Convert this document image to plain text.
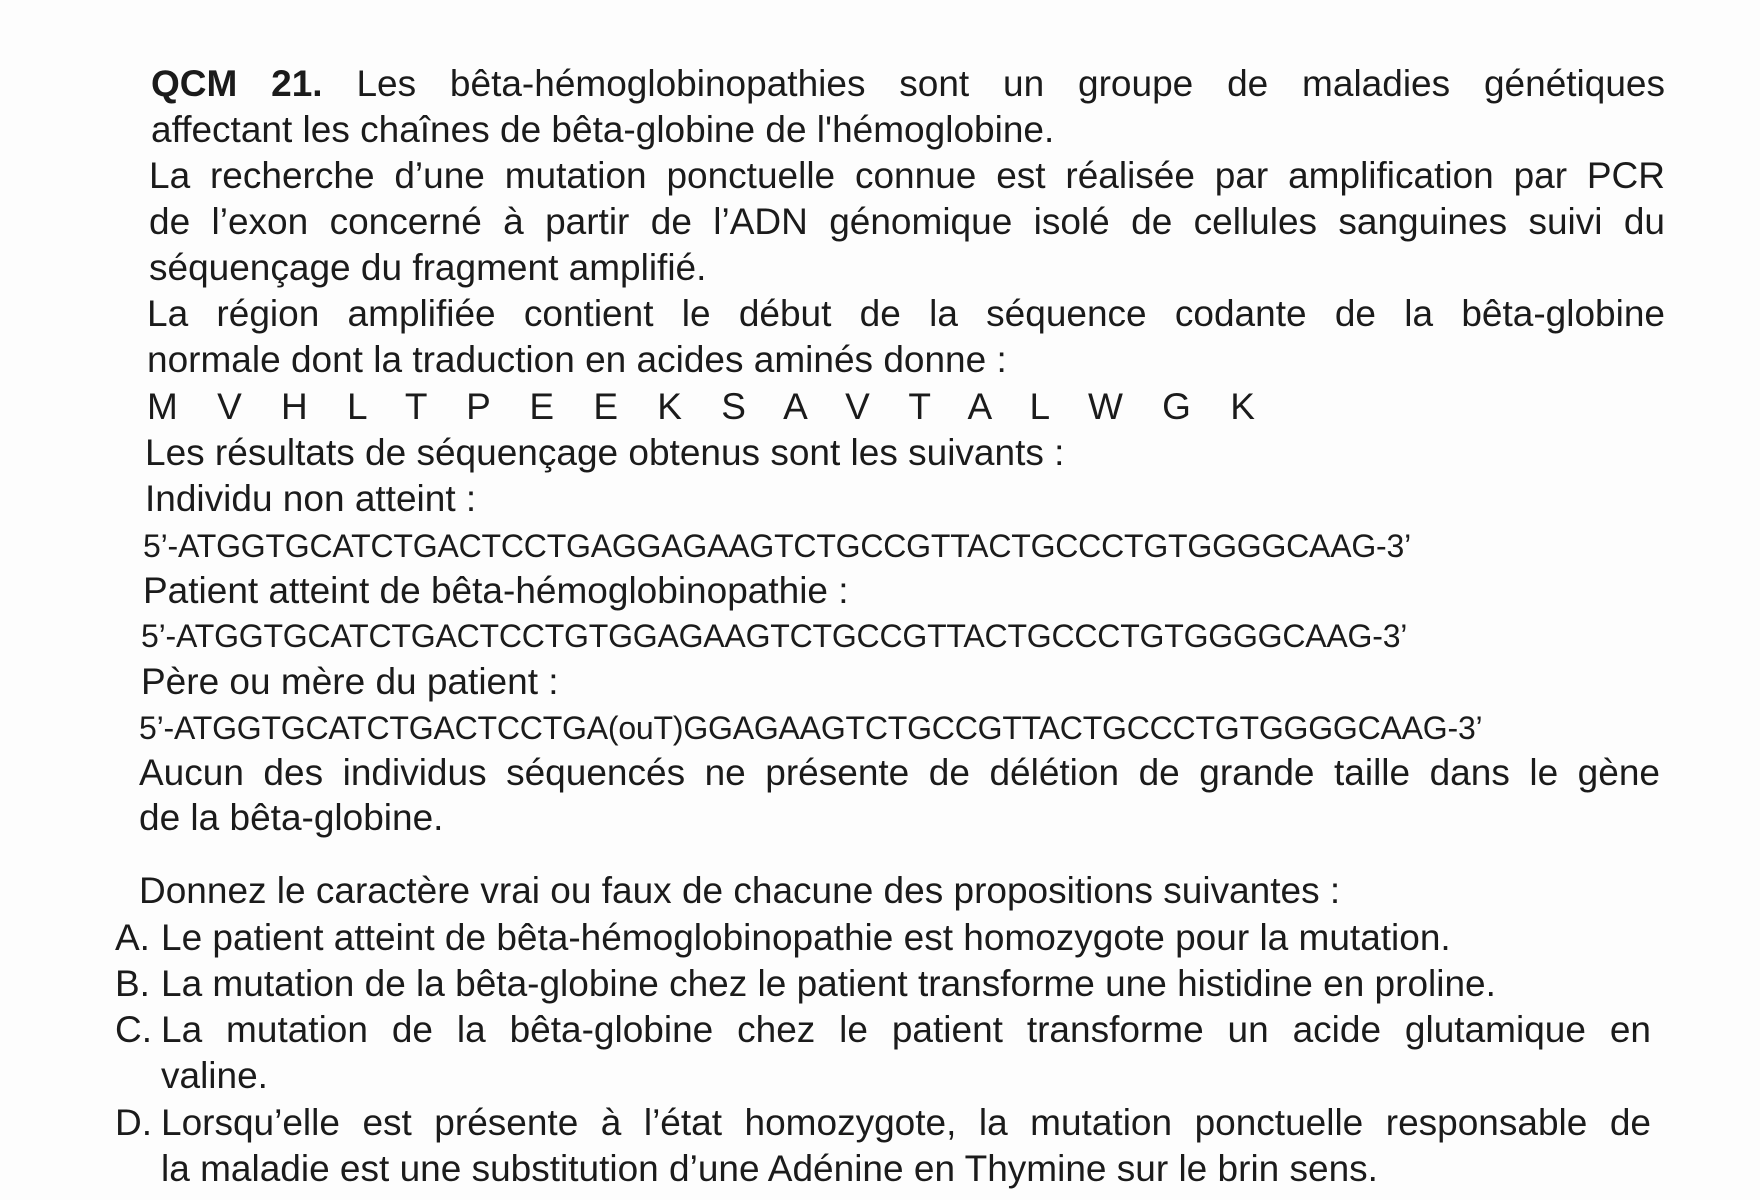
QCM 21. Les bêta-hémoglobinopathies sont un groupe de maladies génétiques
affectant les chaînes de bêta-globine de l'hémoglobine.
La recherche d’une mutation ponctuelle connue est réalisée par amplification par PCR
de l’exon concerné à partir de l’ADN génomique isolé de cellules sanguines suivi du
séquençage du fragment amplifié.
La région amplifiée contient le début de la séquence codante de la bêta-globine
normale dont la traduction en acides aminés donne :
M V H L T P E E K S A V T A L W G K
Les résultats de séquençage obtenus sont les suivants :
Individu non atteint :
5’-ATGGTGCATCTGACTCCTGAGGAGAAGTCTGCCGTTACTGCCCTGTGGGGCAAG-3’
Patient atteint de bêta-hémoglobinopathie :
5’-ATGGTGCATCTGACTCCTGTGGAGAAGTCTGCCGTTACTGCCCTGTGGGGCAAG-3’
Père ou mère du patient :
5’-ATGGTGCATCTGACTCCTGA(ouT)GGAGAAGTCTGCCGTTACTGCCCTGTGGGGCAAG-3’
Aucun des individus séquencés ne présente de délétion de grande taille dans le gène
de la bêta-globine.
Donnez le caractère vrai ou faux de chacune des propositions suivantes :
A. Le patient atteint de bêta-hémoglobinopathie est homozygote pour la mutation.
B. La mutation de la bêta-globine chez le patient transforme une histidine en proline.
C. La mutation de la bêta-globine chez le patient transforme un acide glutamique en
valine.
D. Lorsqu’elle est présente à l’état homozygote, la mutation ponctuelle responsable de
la maladie est une substitution d’une Adénine en Thymine sur le brin sens.
